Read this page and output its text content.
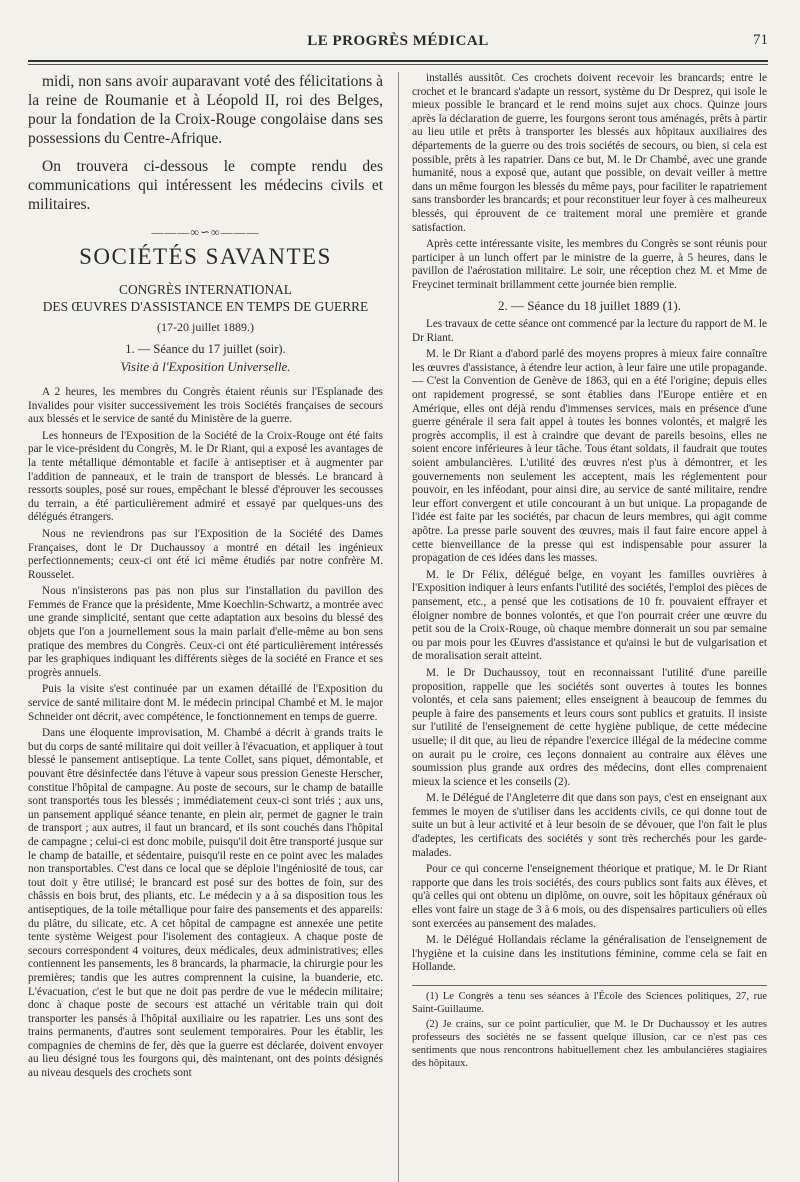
LE PROGRÈS MÉDICAL	71

midi, non sans avoir auparavant voté des félicitations à la reine de Roumanie et à Léopold II, roi des Belges, pour la fondation de la Croix-Rouge congolaise dans ses possessions du Centre-Afrique.

On trouvera ci-dessous le compte rendu des communications qui intéressent les médecins civils et militaires.

———∞∽∞———
SOCIÉTÉS SAVANTES
CONGRÈS INTERNATIONAL
DES ŒUVRES D'ASSISTANCE EN TEMPS DE GUERRE
(17-20 juillet 1889.)
1. — Séance du 17 juillet (soir).
Visite à l'Exposition Universelle.

A 2 heures, les membres du Congrès étaient réunis sur l'Esplanade des Invalides pour visiter successivement les trois Sociétés françaises de secours aux blessés et le service de santé du Ministère de la guerre.

Les honneurs de l'Exposition de la Société de la Croix-Rouge ont été faits par le vice-président du Congrès, M. le Dr Riant, qui a exposé les avantages de la tente métallique démontable et facile à antiseptiser et à augmenter par l'addition de panneaux, et le train de transport de blessés. Le brancard à ressorts souples, posé sur roues, empêchant le blessé d'éprouver les secousses du terrain, a été particulièrement admiré et essayé par quelques-uns des délégués étrangers.

Nous ne reviendrons pas sur l'Exposition de la Société des Dames Françaises, dont le Dr Duchaussoy a montré en détail les ingénieux perfectionnements; ceux-ci ont été ici même étudiés par notre confrère M. Rousselet.

Nous n'insisterons pas pas non plus sur l'installation du pavillon des Femmes de France que la présidente, Mme Koechlin-Schwartz, a montrée avec une grande simplicité, sentant que cette adaptation aux besoins du blessé des objets que l'on a journellement sous la main parlait d'elle-même au bon sens pratique des membres du Congrès. Ceux-ci ont été particulièrement intéressés par les graphiques indiquant les différents sièges de la société en France et ses progrès annuels.

Puis la visite s'est continuée par un examen détaillé de l'Exposition du service de santé militaire dont M. le médecin principal Chambé et M. le major Schneider ont décrit, avec compétence, le fonctionnement en temps de guerre.

Dans une éloquente improvisation, M. Chambé a décrit à grands traits le but du corps de santé militaire qui doit veiller à l'évacuation, et appliquer à tout blessé le pansement antiseptique. La tente Collet, sans piquet, démontable, et pouvant être désinfectée dans l'étuve à vapeur sous pression Geneste Herscher, constitue l'hôpital de campagne. Au poste de secours, sur le champ de bataille sont transportés tous les blessés ; immédiatement ceux-ci sont triés ; aux uns, un pansement appliqué séance tenante, en plein air, permet de gagner le train de transport ; aux autres, il faut un brancard, et ils sont couchés dans l'hôpital de campagne ; celui-ci est donc mobile, puisqu'il doit être transporté jusque sur le champ de bataille, et sédentaire, puisqu'il reste en ce point avec les malades non transportables. C'est dans ce local que se déploie l'ingéniosité de tous, car tout doit y être utilisé; le brancard est posé sur des bottes de foin, sur des châssis en bois brut, des pliants, etc. Le médecin y a à sa disposition tous les antiseptiques, de la toile métallique pour faire des pansements et des appareils: du plâtre, du silicate, etc. A cet hôpital de campagne est annexée une petite tente système Weigest pour l'isolement des contagieux. A chaque poste de secours correspondent 4 voitures, deux médicales, deux administratives; elles contiennent les pansements, les 8 brancards, la pharmacie, la chirurgie pour les premières; tandis que les autres comprennent la cuisine, la buanderie, etc. L'évacuation, c'est le but que ne doit pas perdre de vue le médecin militaire; donc à chaque poste de secours est attaché un véritable train qui doit transporter les pansés à l'hôpital auxiliaire ou les rapatrier. Les uns sont des trains permanents, d'autres sont seulement temporaires. Pour les établir, les compagnies de chemins de fer, dès que la guerre est déclarée, doivent envoyer au lieu désigné tous les fourgons qui, dès maintenant, ont des points désignés au niveau desquels des crochets sont

installés aussitôt. Ces crochets doivent recevoir les brancards; entre le crochet et le brancard s'adapte un ressort, système du Dr Desprez, qui isole le mieux possible le brancard et le rend moins sujet aux chocs. Quinze jours après la déclaration de guerre, les fourgons seront tous aménagés, prêts à partir au lieu utile et prêts à transporter les blessés aux hôpitaux auxiliaires des départements de la guerre ou des trois sociétés de secours, ou bien, si cela est possible, prêts à les rapatrier. Dans ce but, M. le Dr Chambé, avec une grande humanité, nous a exposé que, autant que possible, on devait veiller à mettre dans un même fourgon les blessés du même pays, pour faciliter le rapatriement sans transborder les brancards; et pour reconstituer leur foyer à ces malheureux blessés, qui éprouvent de ce traitement moral une première et grande satisfaction.

Après cette intéressante visite, les membres du Congrès se sont réunis pour participer à un lunch offert par le ministre de la guerre, à 5 heures, dans le pavillon de l'aérostation militaire. Le soir, une réception chez M. et Mme de Freycinet terminait brillamment cette journée bien remplie.

2. — Séance du 18 juillet 1889 (1).

Les travaux de cette séance ont commencé par la lecture du rapport de M. le Dr Riant.

M. le Dr Riant a d'abord parlé des moyens propres à mieux faire connaître les œuvres d'assistance, à étendre leur action, à leur faire une utile propagande. — C'est la Convention de Genève de 1863, qui en a été l'origine; depuis elles ont rapidement progressé, se sont établies dans l'Europe entière et en Amérique, elles ont déjà rendu d'immenses services, mais en présence d'une guerre générale il sera fait appel à toutes les bonnes volontés, et malgré les progrès accomplis, il est à craindre que devant de pareils besoins, elles ne soient encore inférieures à leur tâche. Tous étant soldats, il faudrait que toutes soient ambulancières. L'utilité des œuvres n'est p'us à démontrer, et les gouvernements non seulement les acceptent, mais les réglementent pour pouvoir, en les inféodant, pour ainsi dire, au service de santé militaire, rendre leur effort convergent et utile concourant à un but unique. La propagande de l'idée est faite par les sociétés, par chacun de leurs membres, qui agit comme apôtre. La presse parle souvent des œuvres, mais il faut faire encore appel à cette bienveillance de la presse qui est indispensable pour assurer la propagation de ces idées dans les masses.

M. le Dr Félix, délégué belge, en voyant les familles ouvrières à l'Exposition indiquer à leurs enfants l'utilité des sociétés, l'emploi des pièces de pansement, etc., a pensé que les cotisations de 10 fr. pouvaient effrayer et éloigner nombre de bonnes volontés, et que l'on pourrait créer une œuvre du petit sou de la Croix-Rouge, où chaque membre donnerait un sou par semaine ou par mois pour les Œuvres d'assistance et qu'ainsi le but de vulgarisation et de moralisation serait atteint.

M. le Dr Duchaussoy, tout en reconnaissant l'utilité d'une pareille proposition, rappelle que les sociétés sont ouvertes à toutes les bonnes volontés, et cela sans paiement; elles enseignent à beaucoup de femmes du peuple à faire des pansements et leurs cours sont publics et gratuits. Il insiste sur l'utilité de l'enseignement de cette hygiène publique, de cette médecine usuelle; il dit que, au lieu de répandre l'exercice illégal de la médecine comme on aurait pu le croire, ces leçons donnaient au contraire aux élèves une soumission plus grande aux ordres des médecins, dont elles comprenaient mieux la science et les conseils (2).

M. le Délégué de l'Angleterre dit que dans son pays, c'est en enseignant aux femmes le moyen de s'utiliser dans les accidents civils, ce qui donne tout de suite un but à leur activité et à leur besoin de se dévouer, que l'on fait le plus d'adeptes, les certificats des sociétés y sont très recherchés pour les garde-malades.

Pour ce qui concerne l'enseignement théorique et pratique, M. le Dr Riant rapporte que dans les trois sociétés, des cours publics sont faits aux élèves, et qu'à celles qui ont obtenu un diplôme, on ouvre, soit les hôpitaux généraux où elles vont faire un stage de 3 à 6 mois, ou des dispensaires particuliers où elles sont exercées au pansement des malades.

M. le Délégué Hollandais réclame la généralisation de l'enseignement de l'hygiène et la cuisine dans les institutions féminine, comme cela se fait en Hollande.

(1) Le Congrès a tenu ses séances à l'École des Sciences politiques, 27, rue Saint-Guillaume.

(2) Je crains, sur ce point particulier, que M. le Dr Duchaussoy et les autres professeurs des sociétés ne se fassent quelque illusion, car ce n'est pas ces sentiments que nous rencontrons habituellement chez les ambulancières stagiaires des hôpitaux.
